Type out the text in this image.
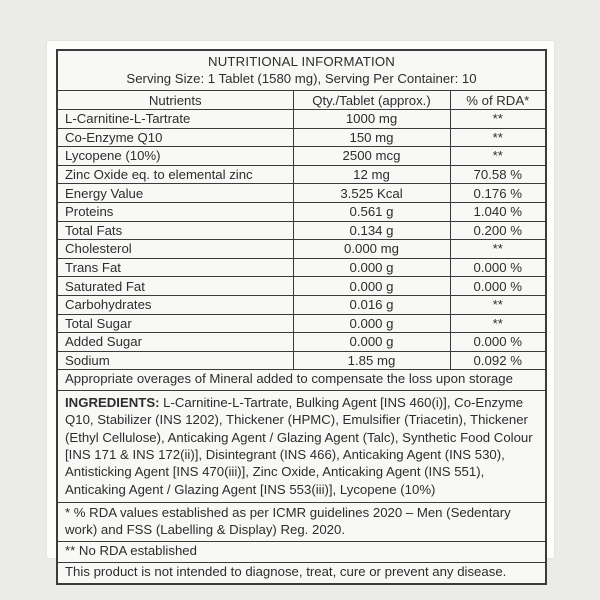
NUTRITIONAL INFORMATION
Serving Size: 1 Tablet (1580 mg), Serving Per Container: 10		

Nutrients	Qty./Tablet (approx.)	% of RDA*
L-Carnitine-L-Tartrate	1000 mg	**
Co-Enzyme Q10	150 mg	**
Lycopene (10%)	2500 mcg	**
Zinc Oxide eq. to elemental zinc	12 mg	70.58 %
Energy Value	3.525 Kcal	0.176 %
Proteins	0.561 g	1.040 %
Total Fats	0.134 g	0.200 %
Cholesterol	0.000 mg	**
Trans Fat	0.000 g	0.000 %
Saturated Fat	0.000 g	0.000 %
Carbohydrates	0.016 g	**
Total Sugar	0.000 g	**
Added Sugar	0.000 g	0.000 %
Sodium	1.85 mg	0.092 %
Appropriate overages of Mineral added to compensate the loss upon storage		
INGREDIENTS: L-Carnitine-L-Tartrate, Bulking Agent [INS 460(i)], Co-Enzyme Q10, Stabilizer (INS 1202), Thickener (HPMC), Emulsifier (Triacetin), Thickener (Ethyl Cellulose), Anticaking Agent / Glazing Agent (Talc), Synthetic Food Colour [INS 171 & INS 172(ii)], Disintegrant (INS 466), Anticaking Agent (INS 530), Antisticking Agent [INS 470(iii)], Zinc Oxide, Anticaking Agent (INS 551), Anticaking Agent / Glazing Agent [INS 553(iii)], Lycopene (10%)		
* % RDA values established as per ICMR guidelines 2020 – Men (Sedentary work) and FSS (Labelling & Display) Reg. 2020.		
** No RDA established		
This product is not intended to diagnose, treat, cure or prevent any disease.		
